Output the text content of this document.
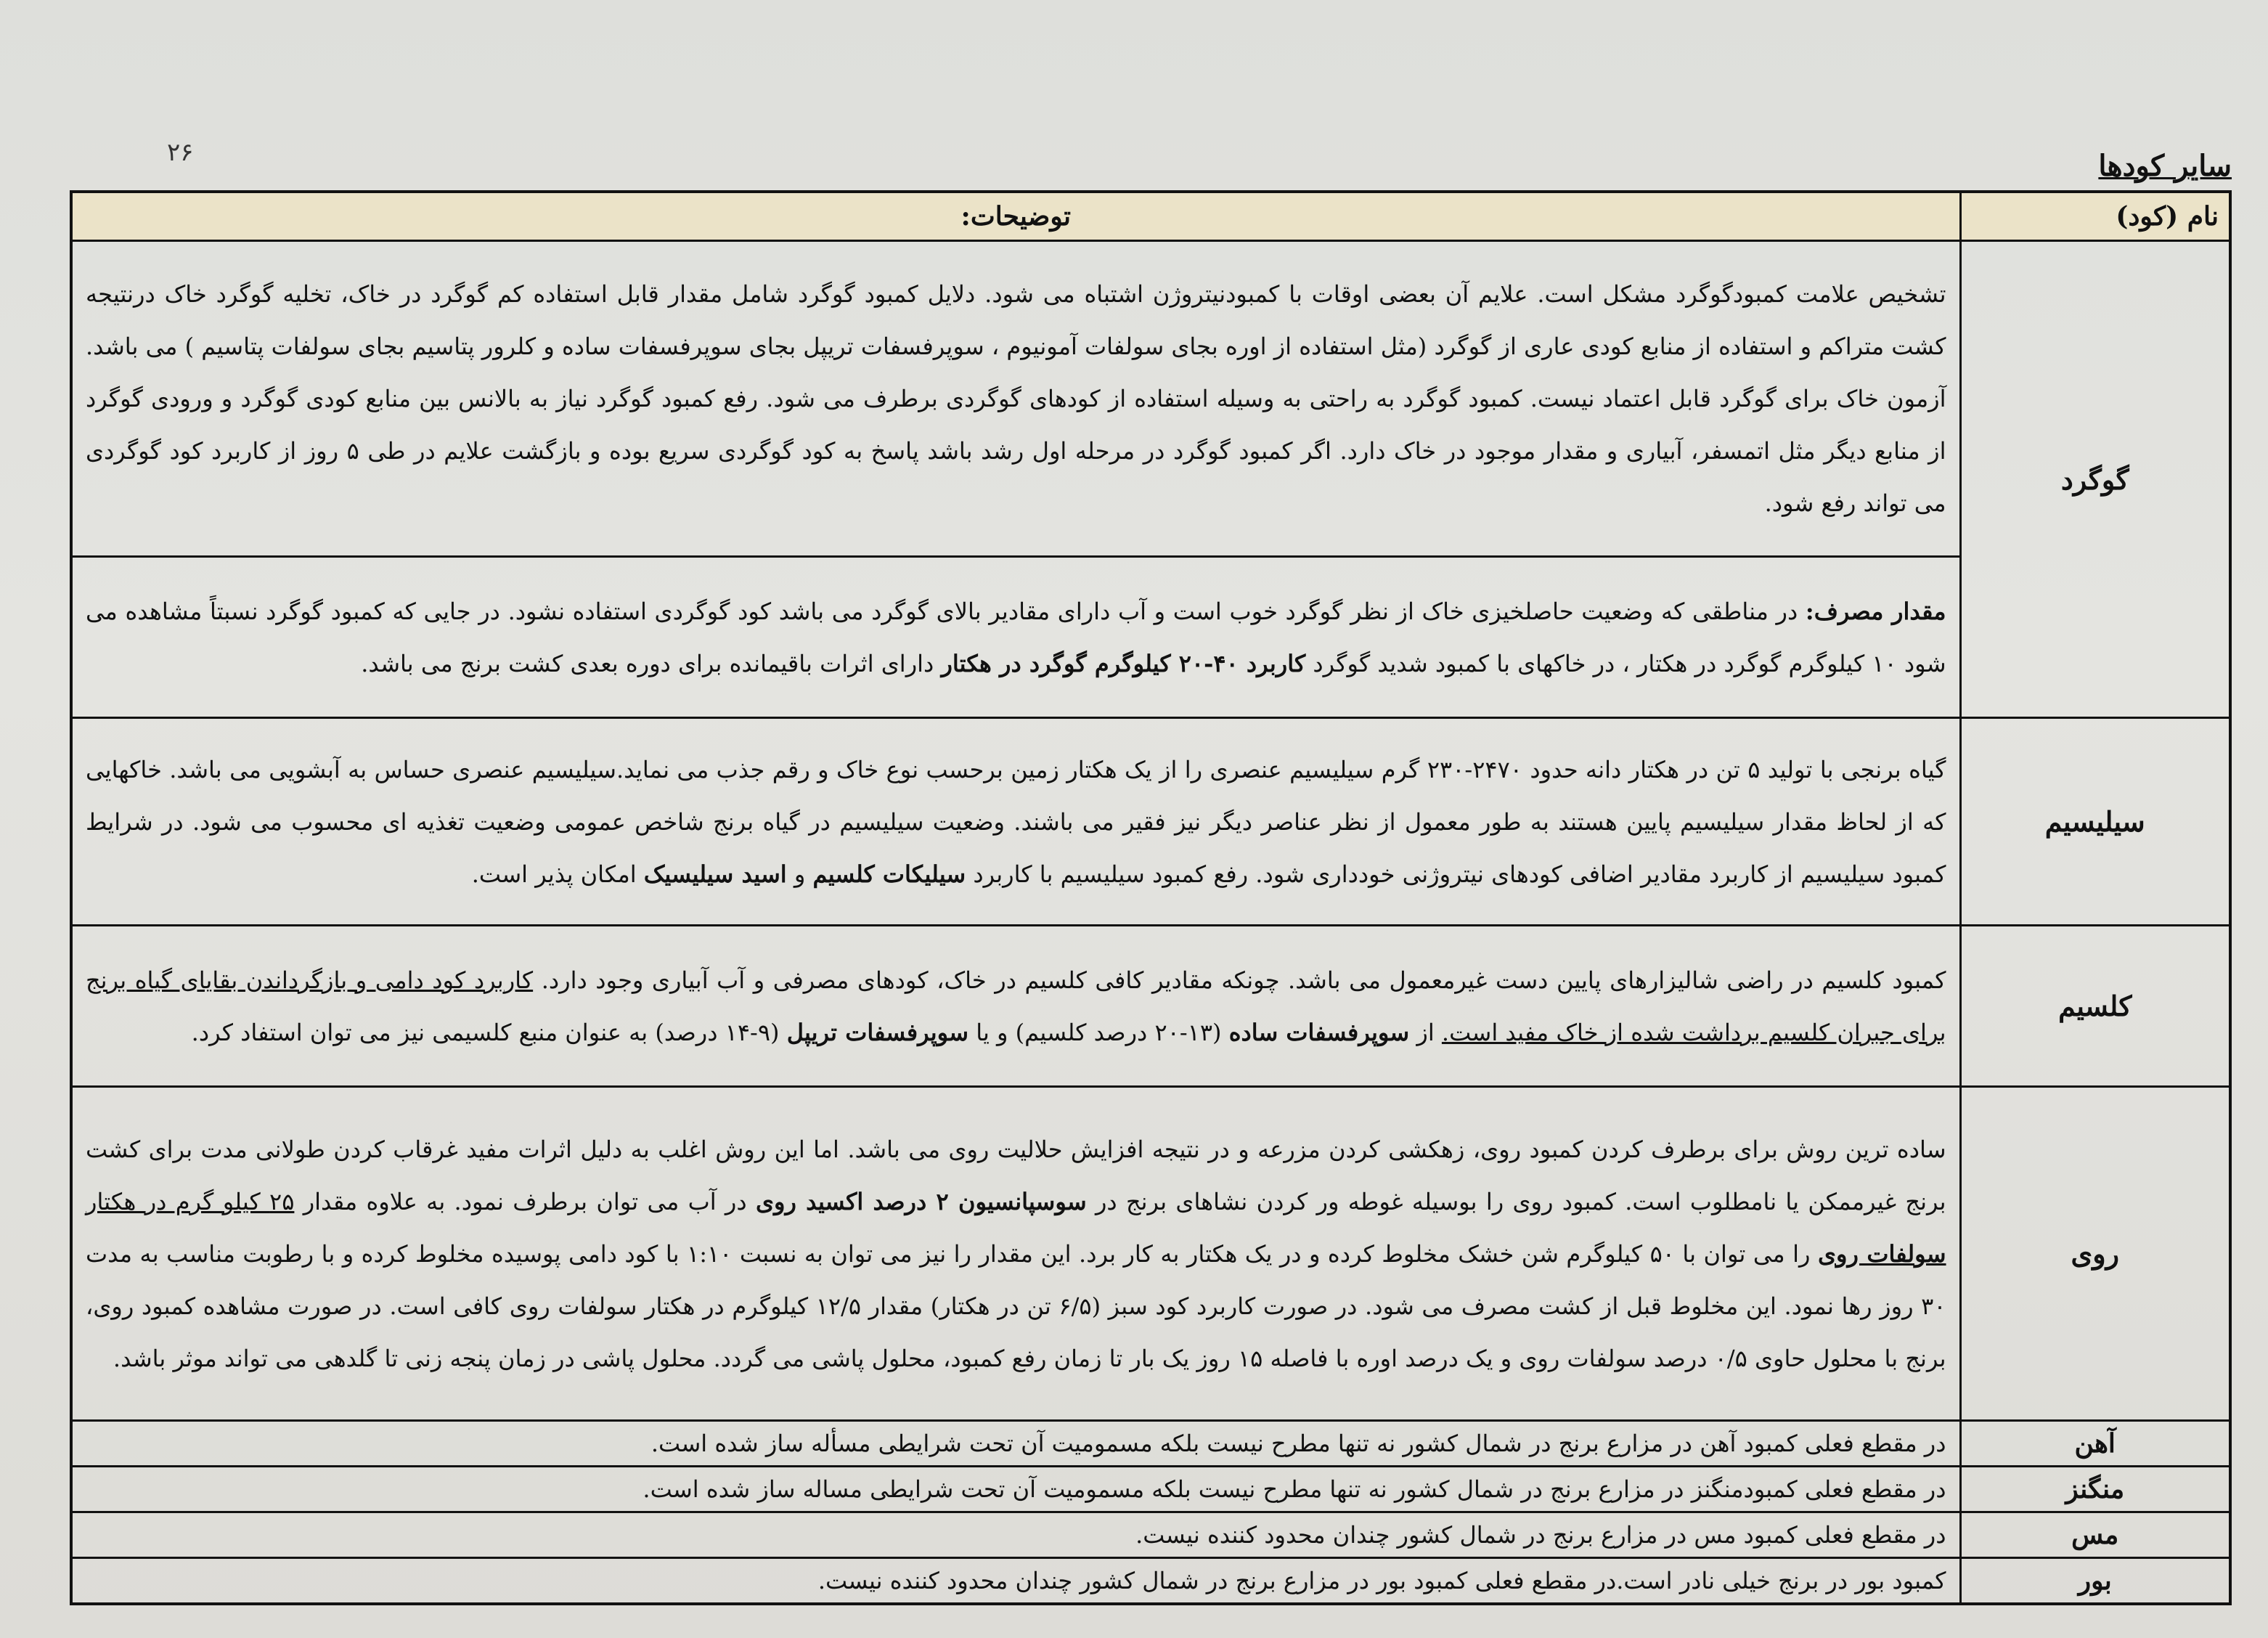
۲۶	سایر کودها
نام (کود)	توضیحات:
گوگرد	تشخیص علامت کمبودگوگرد مشکل است. علایم آن بعضی اوقات با کمبودنیتروژن اشتباه می شود. دلایل کمبود گوگرد شامل مقدار قابل استفاده کم گوگرد در خاک، تخلیه گوگرد خاک درنتیجه کشت متراکم و استفاده از منابع کودی عاری از گوگرد (مثل استفاده از اوره بجای سولفات آمونیوم ، سوپرفسفات تریپل بجای سوپرفسفات ساده و کلرور پتاسیم بجای سولفات پتاسیم ) می باشد. آزمون خاک برای گوگرد قابل اعتماد نیست. کمبود گوگرد به راحتی به وسیله استفاده از کودهای گوگردی برطرف می شود. رفع کمبود گوگرد نیاز به بالانس بین منابع کودی گوگرد و ورودی گوگرد از منابع دیگر مثل اتمسفر، آبیاری و مقدار موجود در خاک دارد. اگر کمبود گوگرد در مرحله اول رشد باشد پاسخ به کود گوگردی سریع بوده و بازگشت علایم در طی ۵ روز از کاربرد کود گوگردی می تواند رفع شود.

	مقدار مصرف: در مناطقی که وضعیت حاصلخیزی خاک از نظر گوگرد خوب است و آب دارای مقادیر بالای گوگرد می باشد کود گوگردی استفاده نشود. در جایی که کمبود گوگرد نسبتاً مشاهده می شود ۱۰ کیلوگرم گوگرد در هکتار ، در خاکهای با کمبود شدید گوگرد کاربرد ۴۰-۲۰ کیلوگرم گوگرد در هکتار دارای اثرات باقیمانده برای دوره بعدی کشت برنج می باشد.

سیلیسیم	گیاه برنجی با تولید ۵ تن در هکتار دانه حدود ۲۴۷۰-۲۳۰ گرم سیلیسیم عنصری را از یک هکتار زمین برحسب نوع خاک و رقم جذب می نماید.سیلیسیم عنصری حساس به آبشویی می باشد. خاکهایی که از لحاظ مقدار سیلیسیم پایین هستند به طور معمول از نظر عناصر دیگر نیز فقیر می باشند. وضعیت سیلیسیم در گیاه برنج شاخص عمومی وضعیت تغذیه ای محسوب می شود. در شرایط کمبود سیلیسیم از کاربرد مقادیر اضافی کودهای نیتروژنی خودداری شود. رفع کمبود سیلیسیم با کاربرد سیلیکات کلسیم و اسید سیلیسیک امکان پذیر است.

کلسیم	کمبود کلسیم در راضی شالیزارهای پایین دست غیرمعمول می باشد. چونکه مقادیر کافی کلسیم در خاک، کودهای مصرفی و آب آبیاری وجود دارد. کاربرد کود دامی و بازگرداندن بقایای گیاه برنج برای جبران کلسیم برداشت شده از خاک مفید است. از سوپرفسفات ساده (۱۳-۲۰ درصد کلسیم) و یا سوپرفسفات تریپل (۹-۱۴ درصد) به عنوان منبع کلسیمی نیز می توان استفاد کرد.

روی	ساده ترین روش برای برطرف کردن کمبود روی، زهکشی کردن مزرعه و در نتیجه افزایش حلالیت روی می باشد. اما این روش اغلب به دلیل اثرات مفید غرقاب کردن طولانی مدت برای کشت برنج غیرممکن یا نامطلوب است. کمبود روی را بوسیله غوطه ور کردن نشاهای برنج در سوسپانسیون ۲ درصد اکسید روی در آب می توان برطرف نمود. به علاوه مقدار ۲۵ کیلو گرم در هکتار سولفات روی را می توان با ۵۰ کیلوگرم شن خشک مخلوط کرده و در یک هکتار به کار برد. این مقدار را نیز می توان به نسبت ۱:۱۰ با کود دامی پوسیده مخلوط کرده و با رطوبت مناسب به مدت ۳۰ روز رها نمود. این مخلوط قبل از کشت مصرف می شود. در صورت کاربرد کود سبز (۶/۵ تن در هکتار) مقدار ۱۲/۵ کیلوگرم در هکتار سولفات روی کافی است. در صورت مشاهده کمبود روی، برنج با محلول حاوی ۰/۵ درصد سولفات روی و یک درصد اوره با فاصله ۱۵ روز یک بار تا زمان رفع کمبود، محلول پاشی می گردد. محلول پاشی در زمان پنجه زنی تا گلدهی می تواند موثر باشد.

آهن	در مقطع فعلی کمبود آهن در مزارع برنج در شمال کشور نه تنها مطرح نیست بلکه مسمومیت آن تحت شرایطی مسأله ساز شده است.
منگنز	در مقطع فعلی کمبودمنگنز در مزارع برنج در شمال کشور نه تنها مطرح نیست بلکه مسمومیت آن تحت شرایطی مساله ساز شده است.
مس	در مقطع فعلی کمبود مس در مزارع برنج در شمال کشور چندان محدود کننده نیست.
بور	کمبود بور در برنج خیلی نادر است.در مقطع فعلی کمبود بور در مزارع برنج در شمال کشور چندان محدود کننده نیست.
